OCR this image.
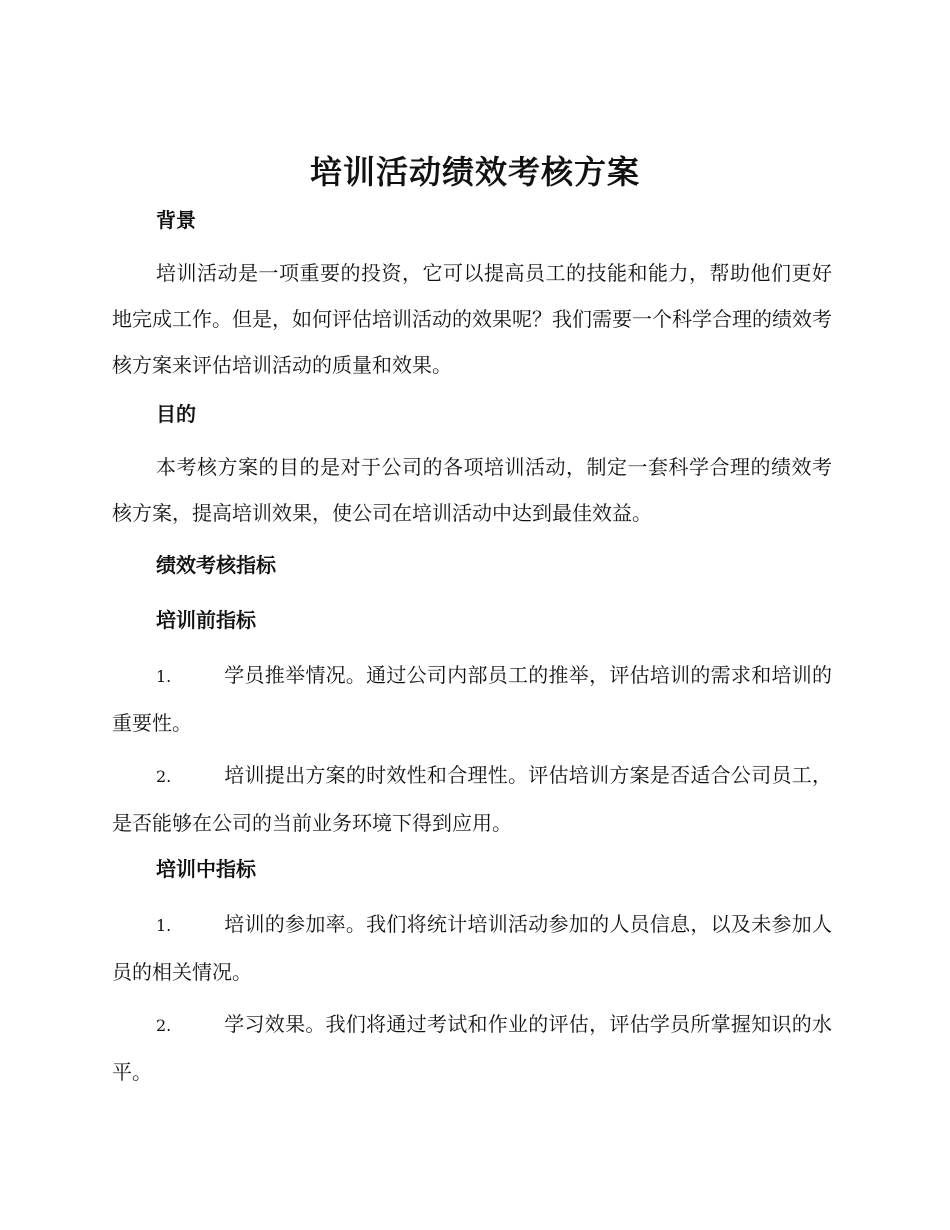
培训活动绩效考核方案
背景

培训活动是一项重要的投资，它可以提高员工的技能和能力，帮助他们更好地完成工作。但是，如何评估培训活动的效果呢？我们需要一个科学合理的绩效考核方案来评估培训活动的质量和效果。

目的

本考核方案的目的是对于公司的各项培训活动，制定一套科学合理的绩效考核方案，提高培训效果，使公司在培训活动中达到最佳效益。

绩效考核指标
培训前指标

1.	学员推举情况。通过公司内部员工的推举，评估培训的需求和培训的重要性。

2.	培训提出方案的时效性和合理性。评估培训方案是否适合公司员工，是否能够在公司的当前业务环境下得到应用。

培训中指标

1.	培训的参加率。我们将统计培训活动参加的人员信息，以及未参加人员的相关情况。

2.	学习效果。我们将通过考试和作业的评估，评估学员所掌握知识的水平。
